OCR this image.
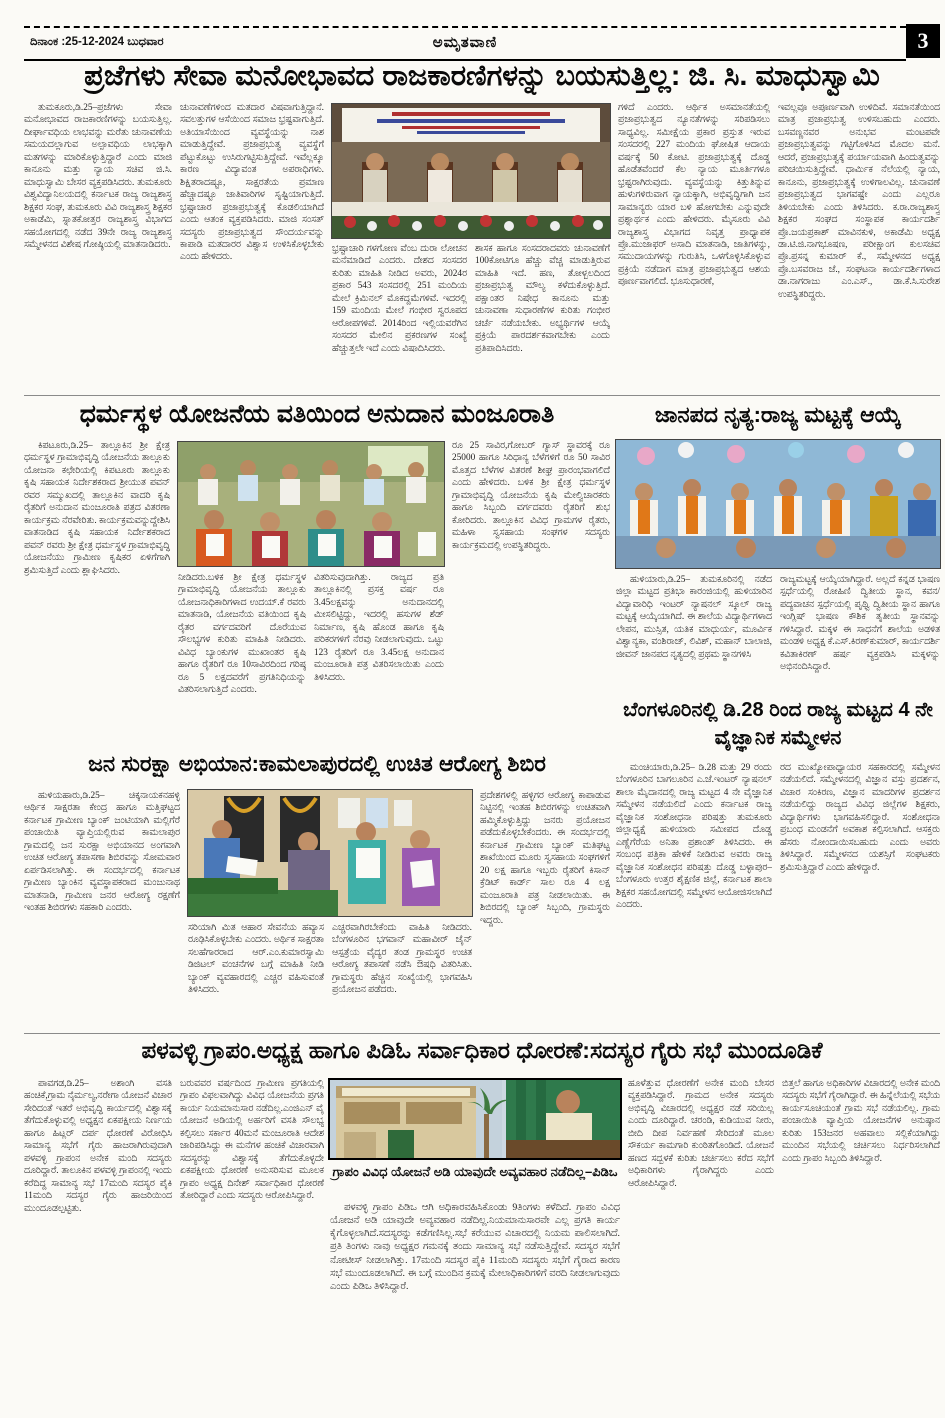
ದಿನಾಂಕ :25-12-2024 ಬುಧವಾರ	ಅಮೃತವಾಣಿ	3
ಪ್ರಜೆಗಳು ಸೇವಾ ಮನೋಭಾವದ ರಾಜಕಾರಣಿಗಳನ್ನು ಬಯಸುತ್ತಿಲ್ಲ: ಜಿ. ಸಿ. ಮಾಧುಸ್ವಾಮಿ
ತುಮಕೂರು,ಡಿ.25–ಪ್ರಜೆಗಳು ಸೇವಾ ಮನೋಭಾವದ ರಾಜಕಾರಣಿಗಳನ್ನು ಬಯಸುತ್ತಿಲ್ಲ. ದೀರ್ಘಾವಧಿಯ ಲಾಭವನ್ನು ಮರೆತು ಚುನಾವಣೆಯ ಸಮಯದಲ್ಲಾಗುವ ಅಲ್ಪಾವಧಿಯ ಲಾಭಕ್ಕಾಗಿ ಮತಗಳನ್ನು ಮಾರಿಕೊಳ್ಳುತ್ತಿದ್ದಾರೆ ಎಂದು ಮಾಜಿ ಕಾನೂನು ಮತ್ತು ನ್ಯಾಯ ಸಚಿವ ಜಿ.ಸಿ. ಮಾಧುಸ್ವಾಮಿ ಬೇಸರ ವ್ಯಕ್ತಪಡಿಸಿದರು. ತುಮಕೂರು ವಿಶ್ವವಿದ್ಯಾನಿಲಯದಲ್ಲಿ ಕರ್ನಾಟಕ ರಾಜ್ಯ ರಾಜ್ಯಶಾಸ್ತ್ರ ಶಿಕ್ಷಕರ ಸಂಘ, ತುಮಕೂರು ವಿವಿ ರಾಜ್ಯಶಾಸ್ತ್ರ ಶಿಕ್ಷಕರ ಅಕಾಡೆಮಿ, ಸ್ನಾತಕೋತ್ತರ ರಾಜ್ಯಶಾಸ್ತ್ರ ವಿಭಾಗದ ಸಹಯೋಗದಲ್ಲಿ ನಡೆದ 39ನೇ ರಾಜ್ಯ ರಾಜ್ಯಶಾಸ್ತ್ರ ಸಮ್ಮೇಳನದ ವಿಶೇಷ ಗೋಷ್ಠಿಯಲ್ಲಿ ಮಾತನಾಡಿದರು.
ಚುನಾವಣೆಗಳಿಂದ ಮತದಾರ ವಿಷವಾಗುತ್ತಿದ್ದಾನೆ. ಸವಲತ್ತುಗಳ ಆಸೆಯಿಂದ ಸಮಾಜ ಭ್ರಷ್ಟವಾಗುತ್ತಿದೆ. ಅತಿಯಾಸೆಯಿಂದ ವ್ಯವಸ್ಥೆಯನ್ನು ನಾಶ ಮಾಡುತ್ತಿದ್ದೇವೆ. ಪ್ರಜಾಪ್ರಭುತ್ವ ವ್ಯವಸ್ಥೆಗೆ ಪೆಟ್ಟುಕೊಟ್ಟು ಉಸಿರುಗಟ್ಟಿಸುತ್ತಿದ್ದೇವೆ. ಇವೆಲ್ಲಕ್ಕೂ ಕಾರಣ ವಿದ್ಯಾವಂತ ಅಪರಾಧಿಗಳು. ಶಿಕ್ಷಿತರಾದಷ್ಟೂ, ಸಾಕ್ಷರತೆಯ ಪ್ರಮಾಣ ಹೆಚ್ಚಾದಷ್ಟೂ ಜಾತಿವಾರಿಗಳ ಸೃಷ್ಟಿಯಾಗುತ್ತಿದೆ. ಭ್ರಷ್ಟಾಚಾರ ಪ್ರಜಾಪ್ರಭುತ್ವಕ್ಕೆ ಕೊಡಲಿಯಾಗಿದೆ ಎಂದು ಆತಂಕ ವ್ಯಕ್ತಪಡಿಸಿದರು. ಮಾಜಿ ಸಂಸತ್ ಸದಸ್ಯರು ಪ್ರಜಾಪ್ರಭುತ್ವದ ಸೌಂದರ್ಯವನ್ನು ಕಾಪಾಡಿ ಮತದಾರರ ವಿಶ್ವಾಸ ಉಳಿಸಿಕೊಳ್ಳಬೇಕು ಎಂದು ಹೇಳಿದರು.
ಭ್ರಷ್ಟಾಚಾರಿ ಗಳಗೋಣ ವೆಂಬ ದುರಾ ಲೋಚನ ಮನೆಮಾಡಿದೆ ಎಂದರು. ದೇಶದ ಸಂಸದರ ಕುರಿತು ಮಾಹಿತಿ ನೀಡಿದ ಅವರು, 2024ರ ಪ್ರಕಾರ 543 ಸಂಸದರಲ್ಲಿ 251 ಮಂದಿಯ ಮೇಲೆ ಕ್ರಿಮಿನಲ್ ಮೊಕದ್ದಮೆಗಳಿವೆ. ಇದರಲ್ಲಿ 159 ಮಂದಿಯ ಮೇಲೆ ಗಂಭೀರ ಸ್ವರೂಪದ ಆರೋಪಗಳಿವೆ. 2014ರಿಂದ ಇಲ್ಲಿಯವರೆಗಿನ ಸಂಸದರ ಮೇಲಿನ ಪ್ರಕರಣಗಳ ಸಂಖ್ಯೆ ಹೆಚ್ಚುತ್ತಲೇ ಇದೆ ಎಂದು ವಿಷಾದಿಸಿದರು.
ಶಾಸಕ ಹಾಗೂ ಸಂಸದರಾದವರು ಚುನಾವಣೆಗೆ 100ಕೋಟಿಗೂ ಹೆಚ್ಚು ವೆಚ್ಚ ಮಾಡುತ್ತಿರುವ ಮಾಹಿತಿ ಇದೆ. ಹಣ, ತೋಳ್ಬಲದಿಂದ ಪ್ರಜಾಪ್ರಭುತ್ವ ಮೌಲ್ಯ ಕಳೆದುಕೊಳ್ಳುತ್ತಿದೆ. ಪಕ್ಷಾಂತರ ನಿಷೇಧ ಕಾನೂನು ಮತ್ತು ಚುನಾವಣಾ ಸುಧಾರಣೆಗಳ ಕುರಿತು ಗಂಭೀರ ಚರ್ಚೆ ನಡೆಯಬೇಕು. ಅಭ್ಯರ್ಥಿಗಳ ಆಯ್ಕೆ ಪ್ರಕ್ರಿಯೆ ಪಾರದರ್ಶಕವಾಗಬೇಕು ಎಂದು ಪ್ರತಿಪಾದಿಸಿದರು.
ಗಳಿದೆ ಎಂದರು. ಆರ್ಥಿಕ ಅಸಮಾನತೆಯಲ್ಲಿ ಪ್ರಜಾಪ್ರಭುತ್ವದ ನ್ಯೂನತೆಗಳನ್ನು ಸರಿಪಡಿಸಲು ಸಾಧ್ಯವಿಲ್ಲ. ಸಮೀಕ್ಷೆಯ ಪ್ರಕಾರ ಪ್ರಸ್ತುತ ಇರುವ ಸಂಸದರಲ್ಲಿ 227 ಮಂದಿಯ ಘೋಷಿತ ಆದಾಯ ವರ್ಷಕ್ಕೆ 50 ಕೋಟಿ. ಪ್ರಜಾಪ್ರಭುತ್ವಕ್ಕೆ ದೊಡ್ಡ ಹೊಡೆತವೆಂದರೆ ಕೆಲ ನ್ಯಾಯ ಮೂರ್ತಿಗಳೂ ಭ್ರಷ್ಟರಾಗಿರುವುದು. ವ್ಯವಸ್ಥೆಯನ್ನು ಕಿತ್ತುತಿನ್ನುವ ಹುಳುಗಳಿರುವಾಗ ನ್ಯಾಯಕ್ಕಾಗಿ, ಅಭಿವೃದ್ಧಿಗಾಗಿ ಜನ ಸಾಮಾನ್ಯರು ಯಾರ ಬಳಿ ಹೋಗಬೇಕು ಎನ್ನುವುದೇ ಪ್ರಶ್ನಾರ್ಥಕ ಎಂದು ಹೇಳಿದರು. ಮೈಸೂರು ವಿವಿ ರಾಜ್ಯಶಾಸ್ತ್ರ ವಿಭಾಗದ ನಿವೃತ್ತ ಪ್ರಾಧ್ಯಾಪಕ ಪ್ರೊ.ಮುಜಾಫರ್ ಅಸಾದಿ ಮಾತನಾಡಿ, ಜಾತಿಗಳನ್ನು, ಸಮುದಾಯಗಳನ್ನು ಗುರುತಿಸಿ, ಒಳಗೊಳ್ಳಿಸಿಕೊಳ್ಳುವ ಪ್ರಕ್ರಿಯೆ ನಡೆದಾಗ ಮಾತ್ರ ಪ್ರಜಾಪ್ರಭುತ್ವದ ಆಶಯ ಪೂರ್ಣವಾಗಲಿದೆ. ಭೂಸುಧಾರಣೆ,
ಇವಲ್ಲವೂ ಅಪೂರ್ಣವಾಗಿ ಉಳಿದಿವೆ. ಸಮಾನತೆಯಿಂದ ಮಾತ್ರ ಪ್ರಜಾಪ್ರಭುತ್ವ ಉಳಿಸಬಹುದು ಎಂದರು. ಬಸವಣ್ಣನವರ ಅನುಭವ ಮಂಟಪವೇ ಪ್ರಜಾಪ್ರಭುತ್ವವನ್ನು ಗಟ್ಟಿಗೊಳಿಸಿದ ಮೊದಲ ಮನೆ. ಆದರೆ, ಪ್ರಜಾಪ್ರಭುತ್ವಕ್ಕೆ ಪರ್ಯಾಯವಾಗಿ ಹಿಂದುತ್ವವನ್ನು ಪರಿಚಯಿಸುತ್ತಿದ್ದೇವೆ. ಧಾರ್ಮಿಕ ನೆಲೆಯಲ್ಲಿ ನ್ಯಾಯ, ಕಾನೂನು, ಪ್ರಜಾಪ್ರಭುತ್ವಕ್ಕೆ ಉಳಿಗಾಲವಿಲ್ಲ. ಚುನಾವಣೆ ಪ್ರಜಾಪ್ರಭುತ್ವದ ಭಾಗವಷ್ಟೇ ಎಂದು ಎಲ್ಲರೂ ತಿಳಿಯಬೇಕು ಎಂದು ತಿಳಿಸಿದರು. ಕ.ರಾ.ರಾಜ್ಯಶಾಸ್ತ್ರ ಶಿಕ್ಷಕರ ಸಂಘದ ಸಂಸ್ಥಾಪಕ ಕಾರ್ಯದರ್ಶಿ ಪ್ರೊ.ಜಯಪ್ರಕಾಶ್ ಮಾವಿನಕುಳಿ, ಅಕಾಡೆಮಿ ಅಧ್ಯಕ್ಷ ಡಾ.ಟಿ.ಜಿ.ನಾಗಭೂಷಣ, ಪರೀಕ್ಷಾಂಗ ಕುಲಸಚಿವ ಪ್ರೊ.ಪ್ರಸನ್ನ ಕುಮಾರ್ ಕೆ., ಸಮ್ಮೇಳನದ ಅಧ್ಯಕ್ಷ ಪ್ರೊ.ಬಸವರಾಜ ಜೆ., ಸಂಘಟನಾ ಕಾರ್ಯದರ್ಶಿಗಳಾದ ಡಾ.ನಾಗರಾಜು ಎಂ.ಎಸ್., ಡಾ.ಕೆ.ಸಿ.ಸುರೇಶ ಉಪಸ್ಥಿತರಿದ್ದರು.
ಧರ್ಮಸ್ಥಳ ಯೋಜನೆಯ ವತಿಯಿಂದ ಅನುದಾನ ಮಂಜೂರಾತಿ
ಕಿಪಟೂರು,ಡಿ.25– ತಾಲ್ಲೂಕಿನ ಶ್ರೀ ಕ್ಷೇತ್ರ ಧರ್ಮಸ್ಥಳ ಗ್ರಾಮಾಭಿವೃದ್ಧಿ ಯೋಜನೆಯ ತಾಲ್ಲೂಕು ಯೋಜನಾ ಕಛೇರಿಯಲ್ಲಿ ಕಿಪಟೂರು ತಾಲ್ಲೂಕು ಕೃಷಿ ಸಹಾಯಕ ನಿರ್ದೇಶಕರಾದ ಶ್ರೀಯುತ ಪವನ್ ರವರ ಸಮ್ಮುಖದಲ್ಲಿ ತಾಲ್ಲೂಕಿನ ವಾದರಿ ಕೃಷಿ ರೈತರಿಗೆ ಅನುದಾನ ಮಂಜೂರಾತಿ ಪತ್ರದ ವಿತರಣಾ ಕಾರ್ಯಕ್ರಮ ನೆರವೇರಿತು. ಕಾರ್ಯಕ್ರಮವನ್ನುದ್ದೇಶಿಸಿ ವಾತನಾಡಿದ ಕೃಷಿ ಸಹಾಯಕ ನಿರ್ದೇಶಕರಾದ ಪವನ್ ರವರು ಶ್ರೀ ಕ್ಷೇತ್ರ ಧರ್ಮಸ್ಥಳ ಗ್ರಾಮಾಭಿವೃದ್ಧಿ ಯೋಜನೆಯು ಗ್ರಾಮೀಣ ಕೃಷಿಕರ ಏಳಿಗೆಗಾಗಿ ಶ್ರಮಿಸುತ್ತಿದೆ ಎಂದು ಶ್ಲಾಘಿಸಿದರು.
ನೀಡಿದರು.ಬಳಿಕ ಶ್ರೀ ಕ್ಷೇತ್ರ ಧರ್ಮಸ್ಥಳ ಗ್ರಾಮಾಭಿವೃದ್ಧಿ ಯೋಜನೆಯ ತಾಲ್ಲೂಕು ಯೋಜನಾಧಿಕಾರಿಗಳಾದ ಉದಯ್.ಕೆ ರವರು ಮಾತನಾಡಿ, ಯೋಜನೆಯ ವತಿಯಿಂದ ಕೃಷಿ ರೈತರ ವರ್ಗದವರಿಗೆ ದೊರೆಯುವ ಸೌಲಭ್ಯಗಳ ಕುರಿತು ಮಾಹಿತಿ ನೀಡಿದರು. ವಿವಿಧ ಬ್ಯಾಂಕುಗಳ ಮುಖಾಂತರ ಕೃಷಿ ಹಾಗೂ ರೈತರಿಗೆ ರೂ 10ಸಾವಿರದಿಂದ ಗರಿಷ್ಠ ರೂ 5 ಲಕ್ಷದವರೆಗೆ ಪ್ರಗತಿನಿಧಿಯನ್ನು ವಿತರಿಸಲಾಗುತ್ತಿದೆ ಎಂದರು.
ವಿತರಿಸುವುದಾಗಿತ್ತು. ರಾಜ್ಯದ ಪ್ರತಿ ತಾಲ್ಲೂಕಿನಲ್ಲಿ ಪ್ರಸಕ್ತ ವರ್ಷ ರೂ 3.45ಲಕ್ಷವನ್ನು ಅನುದಾನದಲ್ಲಿ ಮೀಸಲಿಟ್ಟಿದ್ದು, ಇದರಲ್ಲಿ ಹಸುಗಳ ಶೆಡ್ ನಿರ್ಮಾಣ, ಕೃಷಿ ಹೊಂಡ ಹಾಗೂ ಕೃಷಿ ಪರಿಕರಗಳಿಗೆ ನೆರವು ನೀಡಲಾಗುವುದು. ಒಟ್ಟು 123 ರೈತರಿಗೆ ರೂ 3.45ಲಕ್ಷ ಅನುದಾನ ಮಂಜೂರಾತಿ ಪತ್ರ ವಿತರಿಸಲಾಯಿತು ಎಂದು ತಿಳಿಸಿದರು.
ರೂ 25 ಸಾವಿರ,ಗೋಬರ್ ಗ್ಯಾಸ್ ಸ್ಥಾವರಕ್ಕೆ ರೂ 25000 ಹಾಗೂ ಸಿರಿಧಾನ್ಯ ಬೆಳೆಗಳಿಗೆ ರೂ 50 ಸಾವಿರ ಮೊತ್ತದ ಬೆಳೆಗಳ ವಿತರಣೆ ಶೀಘ್ರ ಪ್ರಾರಂಭವಾಗಲಿದೆ ಎಂದು ಹೇಳಿದರು. ಬಳಿಕ ಶ್ರೀ ಕ್ಷೇತ್ರ ಧರ್ಮಸ್ಥಳ ಗ್ರಾಮಾಭಿವೃದ್ಧಿ ಯೋಜನೆಯ ಕೃಷಿ ಮೇಲ್ವಿಚಾರಕರು ಹಾಗೂ ಸಿಬ್ಬಂದಿ ವರ್ಗದವರು ರೈತರಿಗೆ ಶುಭ ಕೋರಿದರು. ತಾಲ್ಲೂಕಿನ ವಿವಿಧ ಗ್ರಾಮಗಳ ರೈತರು, ಮಹಿಳಾ ಸ್ವಸಹಾಯ ಸಂಘಗಳ ಸದಸ್ಯರು ಕಾರ್ಯಕ್ರಮದಲ್ಲಿ ಉಪಸ್ಥಿತರಿದ್ದರು.
ಜಾನಪದ ನೃತ್ಯ:ರಾಜ್ಯ ಮಟ್ಟಕ್ಕೆ ಆಯ್ಕೆ
ಹುಳಿಯಾರು,ಡಿ.25– ತುಮಕೂರಿನಲ್ಲಿ ನಡೆದ ಜಿಲ್ಲಾ ಮಟ್ಟದ ಪ್ರತಿಭಾ ಕಾರಂಜಿಯಲ್ಲಿ ಹುಳಿಯಾರಿನ ವಿದ್ಯಾವಾರಿಧಿ ಇಂಟರ್ ನ್ಯಾಷನಲ್ ಸ್ಕೂಲ್ ರಾಜ್ಯ ಮಟ್ಟಕ್ಕೆ ಆಯ್ಕೆಯಾಗಿದೆ. ಈ ಶಾಲೆಯ ವಿದ್ಯಾರ್ಥಿಗಳಾದ ಲೇಪನ, ಮುಸ್ಸಿತ, ಯತಿಕ ಮಾಧುರ್ಯ, ಮೂರ್ವಿಕ ವಿಶ್ವಾನ್ಯಕಾ, ವಂಶಿರಾಜ್, ಲಿವಿಶ್, ಮಹಾನ್ ಬಾಲಾಜಿ, ಜೀವನ್ ಜಾನಪದ ನೃತ್ಯದಲ್ಲಿ ಪ್ರಥಮ ಸ್ಥಾನಗಳಿಸಿ
ರಾಜ್ಯಮಟ್ಟಕ್ಕೆ ಆಯ್ಕೆಯಾಗಿದ್ದಾರೆ. ಅಲ್ಲದೆ ಕನ್ನಡ ಭಾಷಣ ಸ್ಪರ್ಧೆಯಲ್ಲಿ ರೋಹಿಣಿ ದ್ವಿತೀಯ ಸ್ಥಾನ, ಕವನ/ಪದ್ಯವಾಚನ ಸ್ಪರ್ಧೆಯಲ್ಲಿ ಪೃಥ್ವಿ ದ್ವಿತೀಯ ಸ್ಥಾನ ಹಾಗೂ ಇಂಗ್ಲಿಷ್ ಭಾಷಣ ಕೌಶಿಕ ತೃತೀಯ ಸ್ಥಾನವನ್ನು ಗಳಿಸಿದ್ದಾರೆ. ಮಕ್ಕಳ ಈ ಸಾಧನೆಗೆ ಶಾಲೆಯ ಅಡಳಿತ ಮಂಡಳಿ ಅಧ್ಯಕ್ಷ ಕೆ.ಎಸ್.ಕಿರಣ್‌ಕುಮಾರ್, ಕಾರ್ಯದರ್ಶಿ ಕವಿತಾಕಿರಣ್ ಹರ್ಷ ವ್ಯಕ್ತಪಡಿಸಿ ಮಕ್ಕಳನ್ನು ಅಭಿನಂದಿಸಿದ್ದಾರೆ.
ಬೆಂಗಳೂರಿನಲ್ಲಿ ಡಿ.28 ರಿಂದ ರಾಜ್ಯ ಮಟ್ಟದ 4 ನೇ ವೈಜ್ಞಾನಿಕ ಸಮ್ಮೇಳನ
ಮಂಚಿಯಾರು,ಡಿ.25– ಡಿ.28 ಮತ್ತು 29 ರಂದು ಬೆಂಗಳೂರಿನ ಬಾಗಲೂರಿನ ಎ.ಜೆ.ಇಂಟರ್ ನ್ಯಾಷನಲ್ ಶಾಲಾ ಮೈದಾನದಲ್ಲಿ ರಾಜ್ಯ ಮಟ್ಟದ 4 ನೇ ವೈಜ್ಞಾನಿಕ ಸಮ್ಮೇಳನ ನಡೆಯಲಿದೆ ಎಂದು ಕರ್ನಾಟಕ ರಾಜ್ಯ ವೈಜ್ಞಾನಿಕ ಸಂಶೋಧನಾ ಪರಿಷತ್ತು ತುಮಕೂರು ಜಿಲ್ಲಾಧ್ಯಕ್ಷೆ ಹುಳಿಯಾರು ಸಮೀಪದ ದೊಡ್ಡ ಎಣ್ಣೆಗೆರೆಯ ಅನಿತಾ ಪ್ರಶಾಂತ್ ತಿಳಿಸಿದರು. ಈ ಸಂಬಂಧ ಪತ್ರಿಕಾ ಹೇಳಿಕೆ ನೀಡಿರುವ ಅವರು ರಾಜ್ಯ ವೈಜ್ಞಾನಿಕ ಸಂಶೋಧನ ಪರಿಷತ್ತು ದೊಡ್ಡ ಬಳ್ಳಾಪುರ–ಬೆಂಗಳೂರು ಉತ್ತರ ಶೈಕ್ಷಣಿಕ ಜಿಲ್ಲೆ, ಕರ್ನಾಟಕ ಶಾಲಾ ಶಿಕ್ಷಕರ ಸಹಯೋಗದಲ್ಲಿ ಸಮ್ಮೇಳನ ಆಯೋಜಿಸಲಾಗಿದೆ ಎಂದರು.
ರದ ಮುಖ್ಯೋಪಾಧ್ಯಾಯರ ಸಹಕಾರದಲ್ಲಿ ಸಮ್ಮೇಳನ ನಡೆಯಲಿದೆ. ಸಮ್ಮೇಳನದಲ್ಲಿ ವಿಜ್ಞಾನ ವಸ್ತು ಪ್ರದರ್ಶನ, ವಿಚಾರ ಸಂಕಿರಣ, ವಿಜ್ಞಾನ ಮಾದರಿಗಳ ಪ್ರದರ್ಶನ ನಡೆಯಲಿದ್ದು ರಾಜ್ಯದ ವಿವಿಧ ಜಿಲ್ಲೆಗಳ ಶಿಕ್ಷಕರು, ವಿದ್ಯಾರ್ಥಿಗಳು ಭಾಗವಹಿಸಲಿದ್ದಾರೆ. ಸಂಶೋಧನಾ ಪ್ರಬಂಧ ಮಂಡನೆಗೆ ಅವಕಾಶ ಕಲ್ಪಿಸಲಾಗಿದೆ. ಆಸಕ್ತರು ಹೆಸರು ನೋಂದಾಯಿಸಬಹುದು ಎಂದು ಅವರು ತಿಳಿಸಿದ್ದಾರೆ. ಸಮ್ಮೇಳನದ ಯಶಸ್ಸಿಗೆ ಸಂಘಟಕರು ಶ್ರಮಿಸುತ್ತಿದ್ದಾರೆ ಎಂದು ಹೇಳಿದ್ದಾರೆ.
ಜನ ಸುರಕ್ಷಾ ಅಭಿಯಾನ:ಕಾಮಲಾಪುರದಲ್ಲಿ ಉಚಿತ ಆರೋಗ್ಯ ಶಿಬಿರ
ಹುಳಿಯಹಾರು,ಡಿ.25– ಚಿಕ್ಕನಾಯಕನಹಳ್ಳಿ ಆರ್ಥಿಕ ಸಾಕ್ಷರತಾ ಕೇಂದ್ರ ಹಾಗೂ ಮತ್ತಿಘಟ್ಟದ ಕರ್ನಾಟಕ ಗ್ರಾಮೀಣ ಬ್ಯಾಂಕ್ ಜಂಟಿಯಾಗಿ ಮಲ್ಲಿಗೆರೆ ಪಂಚಾಯಿತಿ ವ್ಯಾಪ್ತಿಯಲ್ಲಿರುವ ಕಾಮಲಾಪುರ ಗ್ರಾಮದಲ್ಲಿ ಜನ ಸುರಕ್ಷಾ ಅಭಿಯಾನದ ಅಂಗವಾಗಿ ಉಚಿತ ಆರೋಗ್ಯ ತಪಾಸಣಾ ಶಿಬಿರವನ್ನು ಸೋಮವಾರ ಏರ್ಪಡಿಸಲಾಗಿತ್ತು. ಈ ಸಂದರ್ಭದಲ್ಲಿ ಕರ್ನಾಟಕ ಗ್ರಾಮೀಣ ಬ್ಯಾಂಕಿನ ವ್ಯವಸ್ಥಾಪಕರಾದ ಮಂಜುನಾಥ ಮಾತನಾಡಿ, ಗ್ರಾಮೀಣ ಜನರ ಆರೋಗ್ಯ ರಕ್ಷಣೆಗೆ ಇಂತಹ ಶಿಬಿರಗಳು ಸಹಕಾರಿ ಎಂದರು.
ಸರಿಯಾಗಿ ಮಿತ ಆಹಾರ ಸೇವನೆಯ ಹವ್ಯಾಸ ರೂಢಿಸಿಕೊಳ್ಳಬೇಕು ಎಂದರು. ಅರ್ಥಿಕ ಸಾಕ್ಷರತಾ ಸಲಹೆಗಾರರಾದ ಆರ್.ಎಂ.ಕುಮಾರಸ್ವಾಮಿ ಡಿಜಿಟಲ್ ವಂಚನೆಗಳ ಬಗ್ಗೆ ಮಾಹಿತಿ ನೀಡಿ ಬ್ಯಾಂಕ್ ವ್ಯವಹಾರದಲ್ಲಿ ಎಚ್ಚರ ವಹಿಸುವಂತೆ ತಿಳಿಸಿದರು.
ಎಚ್ಚರವಾಗಿರಬೇಕೆಂದು ವಾಹಿತಿ ನೀಡಿದರು. ಬೆಂಗಳೂರಿನ ಭಗವಾನ್ ಮಹಾವೀರ್ ಜೈನ್ ಆಸ್ಪತ್ರೆಯ ವೈದ್ಯರ ತಂಡ ಗ್ರಾಮಸ್ಥರ ಉಚಿತ ಆರೋಗ್ಯ ತಪಾಸಣೆ ನಡೆಸಿ ಔಷಧಿ ವಿತರಿಸಿತು. ಗ್ರಾಮಸ್ಥರು ಹೆಚ್ಚಿನ ಸಂಖ್ಯೆಯಲ್ಲಿ ಭಾಗವಹಿಸಿ ಪ್ರಯೋಜನ ಪಡೆದರು.
ಪ್ರದೇಶಗಳಲ್ಲಿ ಹಳ್ಳಿಗರ ಆರೋಗ್ಯ ಕಾಪಾಡುವ ನಿಟ್ಟಿನಲ್ಲಿ ಇಂತಹ ಶಿಬಿರಗಳನ್ನು ಉಚಿತವಾಗಿ ಹಮ್ಮಿಕೊಳ್ಳುತ್ತಿದ್ದು ಜನರು ಪ್ರಯೋಜನ ಪಡೆದುಕೊಳ್ಳಬೇಕೆಂದರು. ಈ ಸಂದರ್ಭದಲ್ಲಿ ಕರ್ನಾಟಕ ಗ್ರಾಮೀಣ ಬ್ಯಾಂಕ್ ಮತಿಘಟ್ಟ ಶಾಖೆಯಿಂದ ಮೂರು ಸ್ವಸಹಾಯ ಸಂಘಗಳಿಗೆ 20 ಲಕ್ಷ ಹಾಗೂ ಇಬ್ಬರು ರೈತರಿಗೆ ಕಿಸಾನ್ ಕ್ರೆಡಿಟ್ ಕಾರ್ಡ್ ಸಾಲ ರೂ 4 ಲಕ್ಷ ಮಂಜೂರಾತಿ ಪತ್ರ ನೀಡಲಾಯಿತು. ಈ ಶಿಬಿರದಲ್ಲಿ ಬ್ಯಾಂಕ್ ಸಿಬ್ಬಂದಿ, ಗ್ರಾಮಸ್ಥರು ಇದ್ದರು.
ಪಳವಳ್ಳಿ ಗ್ರಾಪಂ.ಅಧ್ಯಕ್ಷ ಹಾಗೂ ಪಿಡಿಓ ಸರ್ವಾಧಿಕಾರ ಧೋರಣೆ:ಸದಸ್ಯರ ಗೈರು ಸಭೆ ಮುಂದೂಡಿಕೆ
ಪಾವಗಡ,ಡಿ.25– ಅಶಾಂಗಿ ವಸತಿ ಹಂಚಿಕೆ,ಗ್ರಾಮ ನೈರ್ಮಲ್ಯ,ನರೇಗಾ ಯೋಜನೆ ವಿಚಾರ ಸೇರಿದಂತೆ ಇತರೆ ಅಭಿವೃದ್ಧಿ ಕಾರ್ಯದಲ್ಲಿ ವಿಶ್ವಾಸಕ್ಕೆ ತೆಗೆದುಕೊಳ್ಳುವಲ್ಲಿ ಅಧ್ಯಕ್ಷನ ಏಕಪಕ್ಷೀಯ ನಿರ್ಣಯ ಹಾಗೂ ಹಿಟ್ಲರ್ ದರ್ಪ ಧೋರಣೆ ವಿರೋಧಿಸಿ ಸಾಮಾನ್ಯ ಸಭೆಗೆ ಗೈರು ಹಾಜರಾಗಿರುವುದಾಗಿ ಪಳವಳ್ಳಿ ಗ್ರಾಪಂನ ಅನೇಕ ಮಂದಿ ಸದಸ್ಯರು ದೂರಿದ್ದಾರೆ. ತಾಲೂಕಿನ ಪಳವಳ್ಳಿ ಗ್ರಾಪಂನಲ್ಲಿ ಇಂದು ಕರೆದಿದ್ದ ಸಾಮಾನ್ಯ ಸಭೆ 17ಮಂದಿ ಸದಸ್ಯರ ಪೈಕಿ 11ಮಂದಿ ಸದಸ್ಯರ ಗೈರು ಹಾಜರಿಯಿಂದ ಮುಂದೂಡಲ್ಪಟ್ಟಿತು.
ಬರುವವರ ವರ್ಷದಿಂದ ಗ್ರಾಮೀಣ ಪ್ರಗತಿಯಲ್ಲಿ ಗ್ರಾಪಂ ವಿಫಲವಾಗಿದ್ದು ವಿವಿಧ ಯೋಜನೆಯ ಪ್ರಗತಿ ಕಾರ್ಯ ನಿಯಮಾನುಸಾರ ನಡೆದಿಲ್ಲ.ಎಂಜಿಎನ್ ವೈ ಯೋಜನೆ ಅಡಿಯಲ್ಲಿ ಅರ್ಹರಿಗೆ ವಸತಿ ಸೌಲಭ್ಯ ಕಲ್ಪಿಸಲು ಸರ್ಕಾರ 40ಮನೆ ಮಂಜೂರಾತಿ ಆದೇಶ ಜಾರಿಪಡಿಸಿದ್ದು ಈ ಮನೆಗಳ ಹಂಚಿಕೆ ವಿಚಾರವಾಗಿ ಸದಸ್ಯರನ್ನು ವಿಶ್ವಾಸಕ್ಕೆ ತೆಗೆದುಕೊಳ್ಳದೇ ಏಕಪಕ್ಷೀಯ ಧೋರಣೆ ಅನುಸರಿಸುವ ಮೂಲಕ ಗ್ರಾಪಂ ಅಧ್ಯಕ್ಷ ದಿನೇಶ್ ಸರ್ವಾಧಿಕಾರ ಧೋರಣೆ ತೋರಿದ್ದಾರೆ ಎಂದು ಸದಸ್ಯರು ಆರೋಪಿಸಿದ್ದಾರೆ.
ಗ್ರಾಪಂ ವಿವಿಧ ಯೋಜನೆ ಅಡಿ ಯಾವುದೇ ಅವ್ಯವಹಾರ ನಡೆದಿಲ್ಲ–ಪಿಡಿಒ
ಪಳವಳ್ಳಿ ಗ್ರಾಪಂ ಪಿಡಿಒ ಆಗಿ ಅಧಿಕಾರವಹಿಸಿಕೊಂಡು 9ತಿಂಗಳು ಕಳೆದಿದೆ. ಗ್ರಾಪಂ ವಿವಿಧ ಯೋಜನೆ ಅಡಿ ಯಾವುದೇ ಅವ್ಯವಹಾರ ನಡೆದಿಲ್ಲ.ನಿಯಮಾನುಸಾರವೇ ಎಲ್ಲ ಪ್ರಗತಿ ಕಾರ್ಯ ಕೈಗೊಳ್ಳಲಾಗಿದೆ.ಸದಸ್ಯರನ್ನು ಕಡೆಗಣಿಸಿಲ್ಲ.ಸಭೆ ಕರೆಯುವ ವಿಚಾರದಲ್ಲಿ ನಿಯಮ ಪಾಲಿಸಲಾಗಿದೆ. ಪ್ರತಿ ತಿಂಗಳು ನಾವು ಅಧ್ಯಕ್ಷರ ಗಮನಕ್ಕೆ ತಂದು ಸಾಮಾನ್ಯ ಸಭೆ ನಡೆಸುತ್ತಿದ್ದೇವೆ. ಸದಸ್ಯರ ಸಭೆಗೆ ನೋಟೀಸ್ ನೀಡಲಾಗಿತ್ತು. 17ಮಂದಿ ಸದಸ್ಯರ ಪೈಕಿ 11ಮಂದಿ ಸದಸ್ಯರು ಸಭೆಗೆ ಗೈರಾದ ಕಾರಣ ಸಭೆ ಮುಂದೂಡಲಾಗಿದೆ. ಈ ಬಗ್ಗೆ ಮುಂದಿನ ಕ್ರಮಕ್ಕೆ ಮೇಲಾಧಿಕಾರಿಗಳಿಗೆ ವರದಿ ನೀಡಲಾಗುವುದು ಎಂದು ಪಿಡಿಒ ತಿಳಿಸಿದ್ದಾರೆ.
ಹೂಳೆತ್ತುವ ಧೋರಣೆಗೆ ಅನೇಕ ಮಂದಿ ಬೇಸರ ವ್ಯಕ್ತಪಡಿಸಿದ್ದಾರೆ. ಗ್ರಾಮದ ಅನೇಕ ಸದಸ್ಯರು ಅಭಿವೃದ್ಧಿ ವಿಚಾರದಲ್ಲಿ ಅಧ್ಯಕ್ಷರ ನಡೆ ಸರಿಯಿಲ್ಲ ಎಂದು ದೂರಿದ್ದಾರೆ. ಚರಂಡಿ, ಕುಡಿಯುವ ನೀರು, ಬೀದಿ ದೀಪ ನಿರ್ವಹಣೆ ಸೇರಿದಂತೆ ಮೂಲ ಸೌಕರ್ಯ ಕಾಮಗಾರಿ ಕುಂಠಿತಗೊಂಡಿದೆ. ಯೋಜನೆ ಹಣದ ಸದ್ಬಳಕೆ ಕುರಿತು ಚರ್ಚಿಸಲು ಕರೆದ ಸಭೆಗೆ ಅಧಿಕಾರಿಗಳು ಗೈರಾಗಿದ್ದರು ಎಂದು ಆರೋಪಿಸಿದ್ದಾರೆ.
ಬಿತ್ತಲೆ ಹಾಗೂ ಅಧಿಕಾರಿಗಳ ವಿಚಾರದಲ್ಲಿ ಅನೇಕ ಮಂದಿ ಸದಸ್ಯರು ಸಭೆಗೆ ಗೈರಾಗಿದ್ದಾರೆ. ಈ ಹಿನ್ನೆಲೆಯಲ್ಲಿ ಸಭೆಯ ಕಾರ್ಯಸೂಚಿಯಂತೆ ಗ್ರಾಮ ಸಭೆ ನಡೆಯಲಿಲ್ಲ. ಗ್ರಾಮ ಪಂಚಾಯಿತಿ ವ್ಯಾಪ್ತಿಯ ಯೋಜನೆಗಳ ಅನುಷ್ಠಾನ ಕುರಿತು 153ಜನರ ಅಹವಾಲು ಸಲ್ಲಿಕೆಯಾಗಿದ್ದು ಮುಂದಿನ ಸಭೆಯಲ್ಲಿ ಚರ್ಚಿಸಲು ನಿರ್ಧರಿಸಲಾಗಿದೆ ಎಂದು ಗ್ರಾಪಂ ಸಿಬ್ಬಂದಿ ತಿಳಿಸಿದ್ದಾರೆ.
